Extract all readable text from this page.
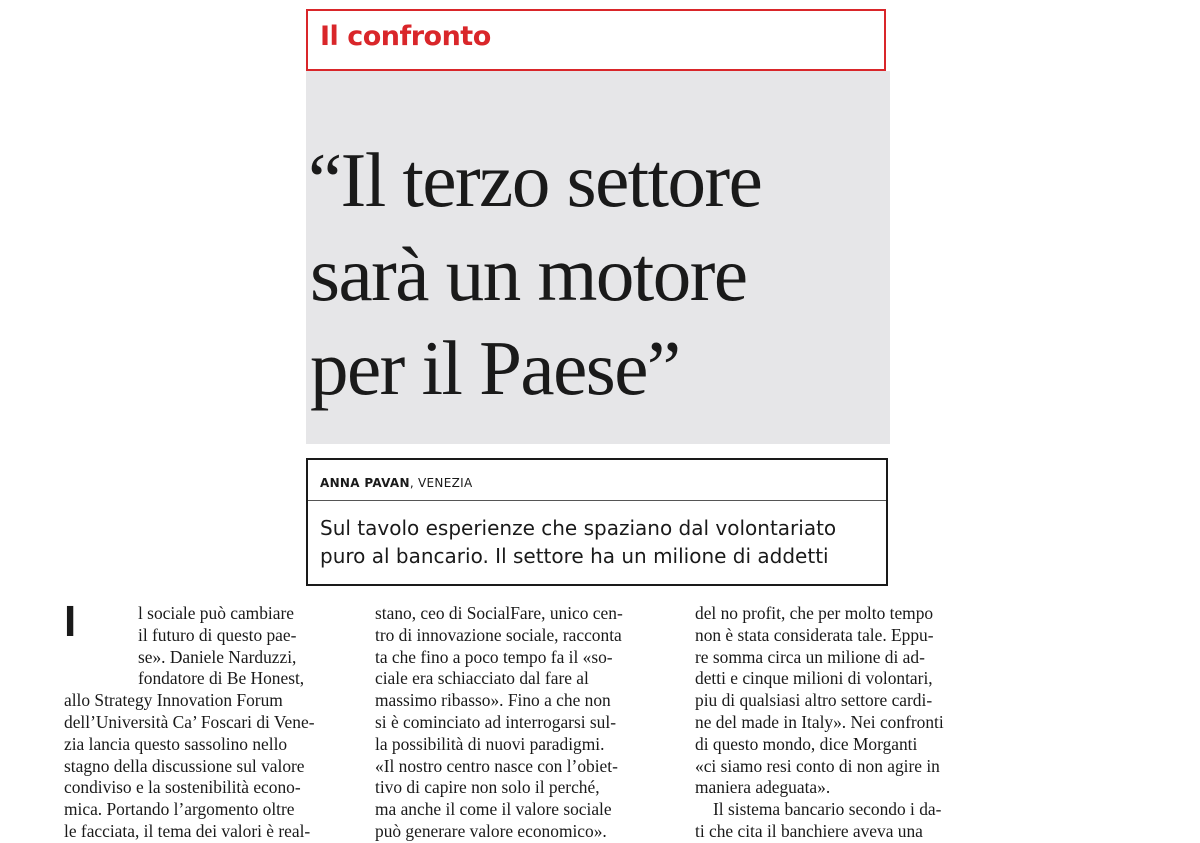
Il confronto
“Il terzo settore
sarà un motore
per il Paese”
ANNA PAVAN, VENEZIA

Sul tavolo esperienze che spaziano dal volontariato
puro al bancario. Il settore ha un milione di addetti

I	l sociale può cambiare
il futuro di questo pae-
se». Daniele Narduzzi,
fondatore di Be Honest,
allo Strategy Innovation Forum
dell’Università Ca’ Foscari di Vene-
zia lancia questo sassolino nello
stagno della discussione sul valore
condiviso e la sostenibilità econo-
mica. Portando l’argomento oltre
le facciata, il tema dei valori è real-

stano, ceo di SocialFare, unico cen-
tro di innovazione sociale, racconta
ta che fino a poco tempo fa il «so-
ciale era schiacciato dal fare al
massimo ribasso». Fino a che non
si è cominciato ad interrogarsi sul-
la possibilità di nuovi paradigmi.
«Il nostro centro nasce con l’obiet-
tivo di capire non solo il perché,
ma anche il come il valore sociale
può generare valore economico».

del no profit, che per molto tempo
non è stata considerata tale. Eppu-
re somma circa un milione di ad-
detti e cinque milioni di volontari,
piu di qualsiasi altro settore cardi-
ne del made in Italy». Nei confronti
di questo mondo, dice Morganti
«ci siamo resi conto di non agire in
maniera adeguata».
Il sistema bancario secondo i da-
ti che cita il banchiere aveva una
